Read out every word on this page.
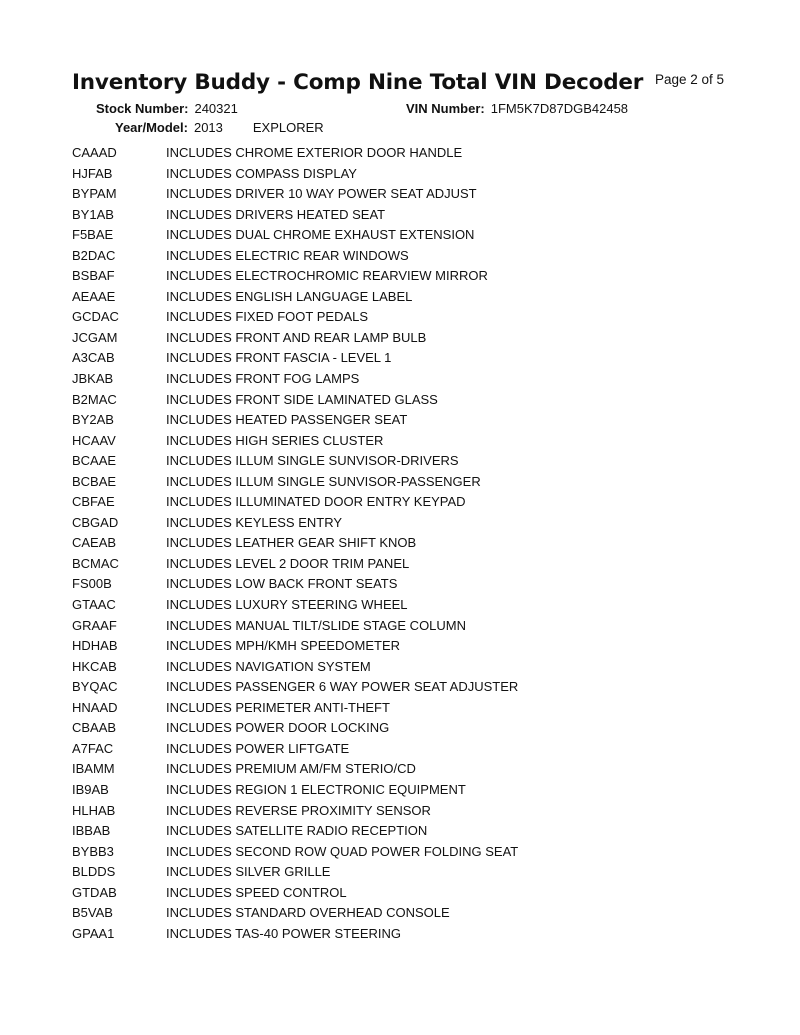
Inventory Buddy - Comp Nine Total VIN Decoder Page 2 of 5
Stock Number: 240321	VIN Number: 1FM5K7D87DGB42458
Year/Model: 2013 EXPLORER
CAAAD	INCLUDES CHROME EXTERIOR DOOR HANDLE
HJFAB	INCLUDES COMPASS DISPLAY
BYPAM	INCLUDES DRIVER 10 WAY POWER SEAT ADJUST
BY1AB	INCLUDES DRIVERS HEATED SEAT
F5BAE	INCLUDES DUAL CHROME EXHAUST EXTENSION
B2DAC	INCLUDES ELECTRIC REAR WINDOWS
BSBAF	INCLUDES ELECTROCHROMIC REARVIEW MIRROR
AEAAE	INCLUDES ENGLISH LANGUAGE LABEL
GCDAC	INCLUDES FIXED FOOT PEDALS
JCGAM	INCLUDES FRONT AND REAR LAMP BULB
A3CAB	INCLUDES FRONT FASCIA - LEVEL 1
JBKAB	INCLUDES FRONT FOG LAMPS
B2MAC	INCLUDES FRONT SIDE LAMINATED GLASS
BY2AB	INCLUDES HEATED PASSENGER SEAT
HCAAV	INCLUDES HIGH SERIES CLUSTER
BCAAE	INCLUDES ILLUM SINGLE SUNVISOR-DRIVERS
BCBAE	INCLUDES ILLUM SINGLE SUNVISOR-PASSENGER
CBFAE	INCLUDES ILLUMINATED DOOR ENTRY KEYPAD
CBGAD	INCLUDES KEYLESS ENTRY
CAEAB	INCLUDES LEATHER GEAR SHIFT KNOB
BCMAC	INCLUDES LEVEL 2 DOOR TRIM PANEL
FS00B	INCLUDES LOW BACK FRONT SEATS
GTAAC	INCLUDES LUXURY STEERING WHEEL
GRAAF	INCLUDES MANUAL TILT/SLIDE STAGE COLUMN
HDHAB	INCLUDES MPH/KMH SPEEDOMETER
HKCAB	INCLUDES NAVIGATION SYSTEM
BYQAC	INCLUDES PASSENGER 6 WAY POWER SEAT ADJUSTER
HNAAD	INCLUDES PERIMETER ANTI-THEFT
CBAAB	INCLUDES POWER DOOR LOCKING
A7FAC	INCLUDES POWER LIFTGATE
IBAMM	INCLUDES PREMIUM AM/FM STERIO/CD
IB9AB	INCLUDES REGION 1 ELECTRONIC EQUIPMENT
HLHAB	INCLUDES REVERSE PROXIMITY SENSOR
IBBAB	INCLUDES SATELLITE RADIO RECEPTION
BYBB3	INCLUDES SECOND ROW QUAD POWER FOLDING SEAT
BLDDS	INCLUDES SILVER GRILLE
GTDAB	INCLUDES SPEED CONTROL
B5VAB	INCLUDES STANDARD OVERHEAD CONSOLE
GPAA1	INCLUDES TAS-40 POWER STEERING
